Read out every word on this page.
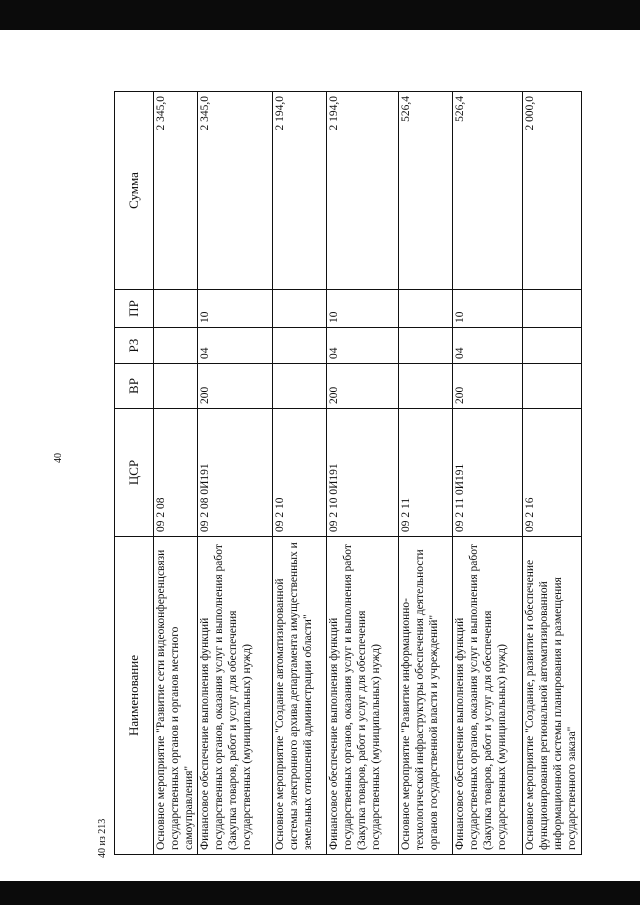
40
Наименование	ЦСР	ВР	РЗ	ПР	Сумма
Основное мероприятие "Развитие сети видеоконференцсвязи государственных органов и органов местного самоуправления"	09 2 08				2 345,0
Финансовое обеспечение выполнения функций государственных органов, оказания услуг и выполнения работ (Закупка товаров, работ и услуг для обеспечения государственных (муниципальных) нужд)	09 2 08 0И191	200	04	10	2 345,0
Основное мероприятие "Создание автоматизированной системы электронного архива департамента имущественных и земельных отношений администрации области"	09 2 10				2 194,0
Финансовое обеспечение выполнения функций государственных органов, оказания услуг и выполнения работ (Закупка товаров, работ и услуг для обеспечения государственных (муниципальных) нужд)	09 2 10 0И191	200	04	10	2 194,0
Основное мероприятие "Развитие информационно-технологической инфраструктуры обеспечения деятельности органов государственной власти и учреждений"	09 2 11				526,4
Финансовое обеспечение выполнения функций государственных органов, оказания услуг и выполнения работ (Закупка товаров, работ и услуг для обеспечения государственных (муниципальных) нужд)	09 2 11 0И191	200	04	10	526,4
Основное мероприятие "Создание, развитие и обеспечение функционирования региональной автоматизированной информационной системы планирования и размещения государственного заказа"	09 2 16				2 000,0
40 из 213
